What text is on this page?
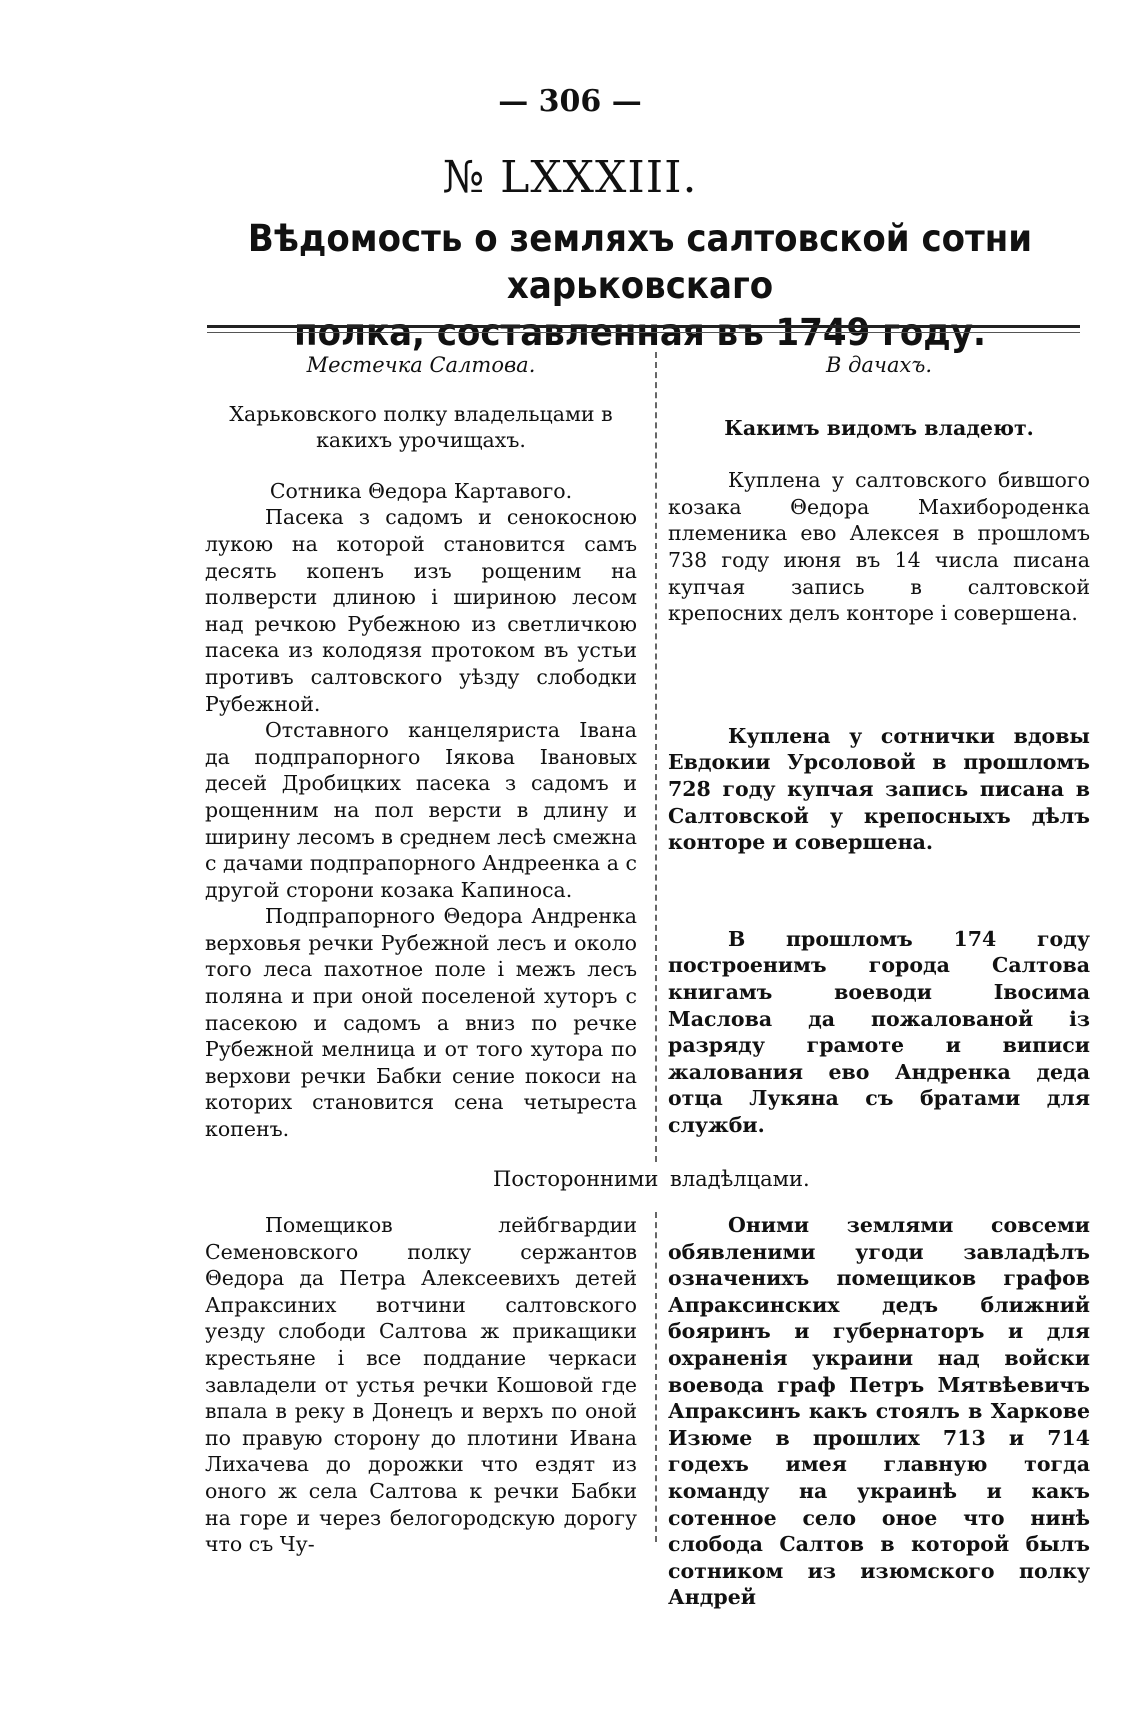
— 306 —
№ LXXXIII.
Вѣдомость о земляхъ салтовской сотни харьковскаго
полка, составленная въ 1749 году.

Местечка Салтова.

Харьковского полку владельцами в какихъ урочищахъ.

Сотника Θедора Картавого.

Пасека з садомъ и сенокосною лукою на которой становится самъ десять копенъ изъ рощеним на полверсти длиною і шириною лесом над речкою Рубежною из светличкою пасека из колодязя протоком въ устьи противъ салтовского уѣзду слободки Рубежной.

Отставного канцеляриста Івана да подпрапорного Іякова Івановых десей Дробицких пасека з садомъ и рощенним на пол версти в длину и ширину лесомъ в среднем лесѣ смежна с дачами подпрапорного Андреенка а с другой сторони козака Капиноса.

Подпрапорного Θедора Андренка верховья речки Рубежной лесъ и около того леса пахотное поле і межъ лесъ поляна и при оной поселеной хуторъ с пасекою и садомъ а вниз по речке Рубежной мелница и от того хутора по верхови речки Бабки сение покоси на которих становится сена четыреста копенъ.

В дачахъ.

Какимъ видомъ владеют.

Куплена у салтовского бившого козака Θедора Махибороденка племеника ево Алексея в прошломъ 738 году июня въ 14 числа писана купчая запись в салтовской крепосних делъ конторе і совершена.

Куплена у сотнички вдовы Евдокии Урсоловой в прошломъ 728 году купчая запись писана в Салтовской у крепосныхъ дѣлъ конторе и совершена.

В прошломъ 174 году построенимъ города Салтова книгамъ воеводи Івосима Маслова да пожалованой із разряду грамоте и виписи жалования ево Андренка деда отца Лукяна съ братами для служби.

Посторонними владѣлцами.

Помещиков лейбгвардии Семеновского полку сержантов Θедора да Петра Алексеевихъ детей Апраксиних вотчини салтовского уезду слободи Салтова ж прикащики крестьяне і все поддание черкаси завладели от устья речки Кошовой где впала в реку в Донецъ и верхъ по оной по правую сторону до плотини Ивана Лихачева до дорожки что ездят из оного ж села Салтова к речки Бабки на горе и через белогородскую дорогу что съ Чу-

Оними землями совсеми обявленими угоди завладѣлъ означенихъ помещиков графов Апраксинских дедъ ближний бояринъ и губернаторъ и для охраненія украини над войски воевода граф Петръ Мятвѣевичъ Апраксинъ какъ стоялъ в Харкове Изюме в прошлих 713 и 714 годехъ имея главную тогда команду на украинѣ и какъ сотенное село оное что нинѣ слобода Салтов в которой былъ сотником из изюмского полку Андрей
